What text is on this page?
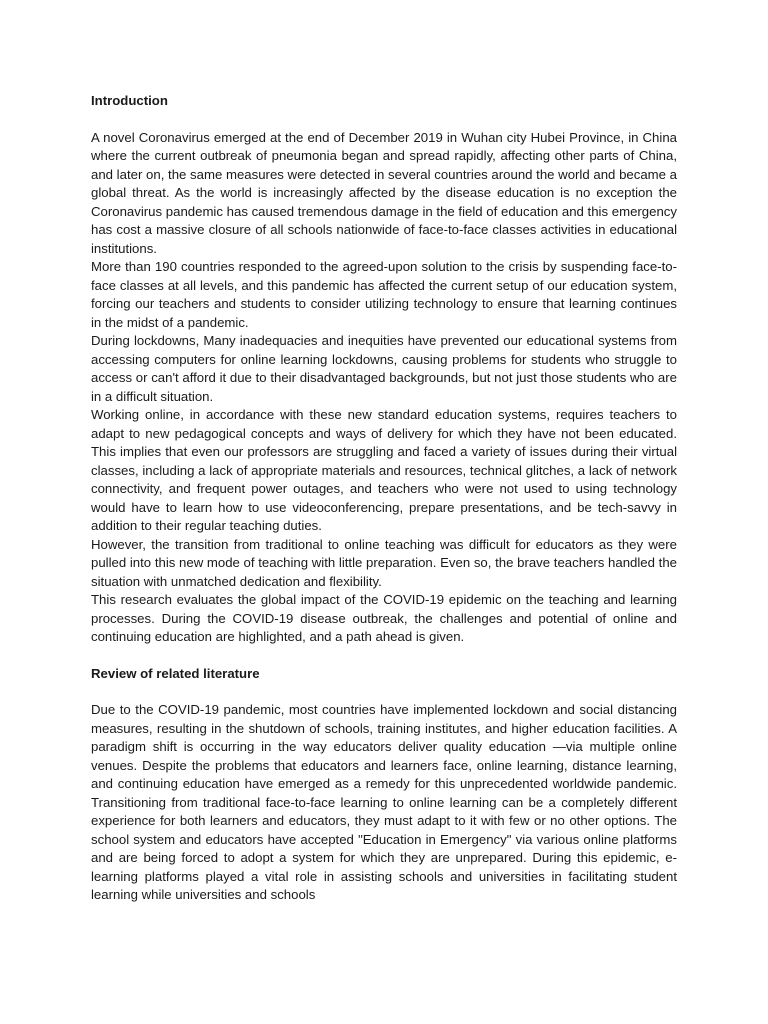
Introduction

A novel Coronavirus emerged at the end of December 2019 in Wuhan city Hubei Province, in China where the current outbreak of pneumonia began and spread rapidly, affecting other parts of China, and later on, the same measures were detected in several countries around the world and became a global threat. As the world is increasingly affected by the disease education is no exception the Coronavirus pandemic has caused tremendous damage in the field of education and this emergency has cost a massive closure of all schools nationwide of face-to-face classes activities in educational institutions.

More than 190 countries responded to the agreed-upon solution to the crisis by suspending face-to-face classes at all levels, and this pandemic has affected the current setup of our education system, forcing our teachers and students to consider utilizing technology to ensure that learning continues in the midst of a pandemic.

During lockdowns, Many inadequacies and inequities have prevented our educational systems from accessing computers for online learning lockdowns, causing problems for students who struggle to access or can't afford it due to their disadvantaged backgrounds, but not just those students who are in a difficult situation.

Working online, in accordance with these new standard education systems, requires teachers to adapt to new pedagogical concepts and ways of delivery for which they have not been educated. This implies that even our professors are struggling and faced a variety of issues during their virtual classes, including a lack of appropriate materials and resources, technical glitches, a lack of network connectivity, and frequent power outages, and teachers who were not used to using technology would have to learn how to use videoconferencing, prepare presentations, and be tech-savvy in addition to their regular teaching duties.

However, the transition from traditional to online teaching was difficult for educators as they were pulled into this new mode of teaching with little preparation. Even so, the brave teachers handled the situation with unmatched dedication and flexibility.

This research evaluates the global impact of the COVID-19 epidemic on the teaching and learning processes. During the COVID-19 disease outbreak, the challenges and potential of online and continuing education are highlighted, and a path ahead is given.

Review of related literature

Due to the COVID-19 pandemic, most countries have implemented lockdown and social distancing measures, resulting in the shutdown of schools, training institutes, and higher education facilities. A paradigm shift is occurring in the way educators deliver quality education —via multiple online venues. Despite the problems that educators and learners face, online learning, distance learning, and continuing education have emerged as a remedy for this unprecedented worldwide pandemic. Transitioning from traditional face-to-face learning to online learning can be a completely different experience for both learners and educators, they must adapt to it with few or no other options. The school system and educators have accepted "Education in Emergency" via various online platforms and are being forced to adopt a system for which they are unprepared. During this epidemic, e-learning platforms played a vital role in assisting schools and universities in facilitating student learning while universities and schools
